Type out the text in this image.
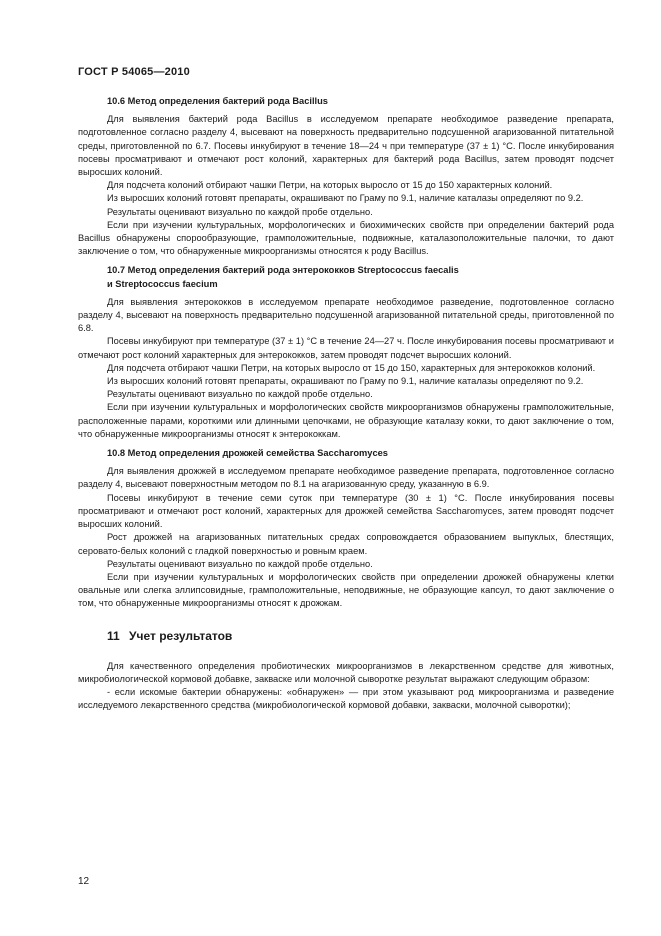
ГОСТ Р 54065—2010
10.6 Метод определения бактерий рода Bacillus

Для выявления бактерий рода Bacillus в исследуемом препарате необходимое разведение препарата, подготовленное согласно разделу 4, высевают на поверхность предварительно подсушенной агаризованной питательной среды, приготовленной по 6.7. Посевы инкубируют в течение 18—24 ч при температуре (37 ± 1) °С. После инкубирования посевы просматривают и отмечают рост колоний, характерных для бактерий рода Bacillus, затем проводят подсчет выросших колоний.

Для подсчета колоний отбирают чашки Петри, на которых выросло от 15 до 150 характерных колоний.

Из выросших колоний готовят препараты, окрашивают по Граму по 9.1, наличие каталазы определяют по 9.2.

Результаты оценивают визуально по каждой пробе отдельно.

Если при изучении культуральных, морфологических и биохимических свойств при определении бактерий рода Bacillus обнаружены спорообразующие, грамположительные, подвижные, каталазоположительные палочки, то дают заключение о том, что обнаруженные микроорганизмы относятся к роду Bacillus.

10.7 Метод определения бактерий рода энтерококков Streptococcus faecalis
и Streptococcus faecium

Для выявления энтерококков в исследуемом препарате необходимое разведение, подготовленное согласно разделу 4, высевают на поверхность предварительно подсушенной агаризованной питательной среды, приготовленной по 6.8.

Посевы инкубируют при температуре (37 ± 1) °С в течение 24—27 ч. После инкубирования посевы просматривают и отмечают рост колоний характерных для энтерококков, затем проводят подсчет выросших колоний.

Для подсчета отбирают чашки Петри, на которых выросло от 15 до 150, характерных для энтерококков колоний.

Из выросших колоний готовят препараты, окрашивают по Граму по 9.1, наличие каталазы определяют по 9.2.

Результаты оценивают визуально по каждой пробе отдельно.

Если при изучении культуральных и морфологических свойств микроорганизмов обнаружены грамположительные, расположенные парами, короткими или длинными цепочками, не образующие каталазу кокки, то дают заключение о том, что обнаруженные микроорганизмы относят к энтерококкам.

10.8 Метод определения дрожжей семейства Saccharomyces

Для выявления дрожжей в исследуемом препарате необходимое разведение препарата, подготовленное согласно разделу 4, высевают поверхностным методом по 8.1 на агаризованную среду, указанную в 6.9.

Посевы инкубируют в течение семи суток при температуре (30 ± 1) °С. После инкубирования посевы просматривают и отмечают рост колоний, характерных для дрожжей семейства Saccharomyces, затем проводят подсчет выросших колоний.

Рост дрожжей на агаризованных питательных средах сопровождается образованием выпуклых, блестящих, серовато-белых колоний с гладкой поверхностью и ровным краем.

Результаты оценивают визуально по каждой пробе отдельно.

Если при изучении культуральных и морфологических свойств при определении дрожжей обнаружены клетки овальные или слегка эллипсовидные, грамположительные, неподвижные, не образующие капсул, то дают заключение о том, что обнаруженные микроорганизмы относят к дрожжам.

11 Учет результатов

Для качественного определения пробиотических микроорганизмов в лекарственном средстве для животных, микробиологической кормовой добавке, закваске или молочной сыворотке результат выражают следующим образом:

- если искомые бактерии обнаружены: «обнаружен» — при этом указывают род микроорганизма и разведение исследуемого лекарственного средства (микробиологической кормовой добавки, закваски, молочной сыворотки);

12
